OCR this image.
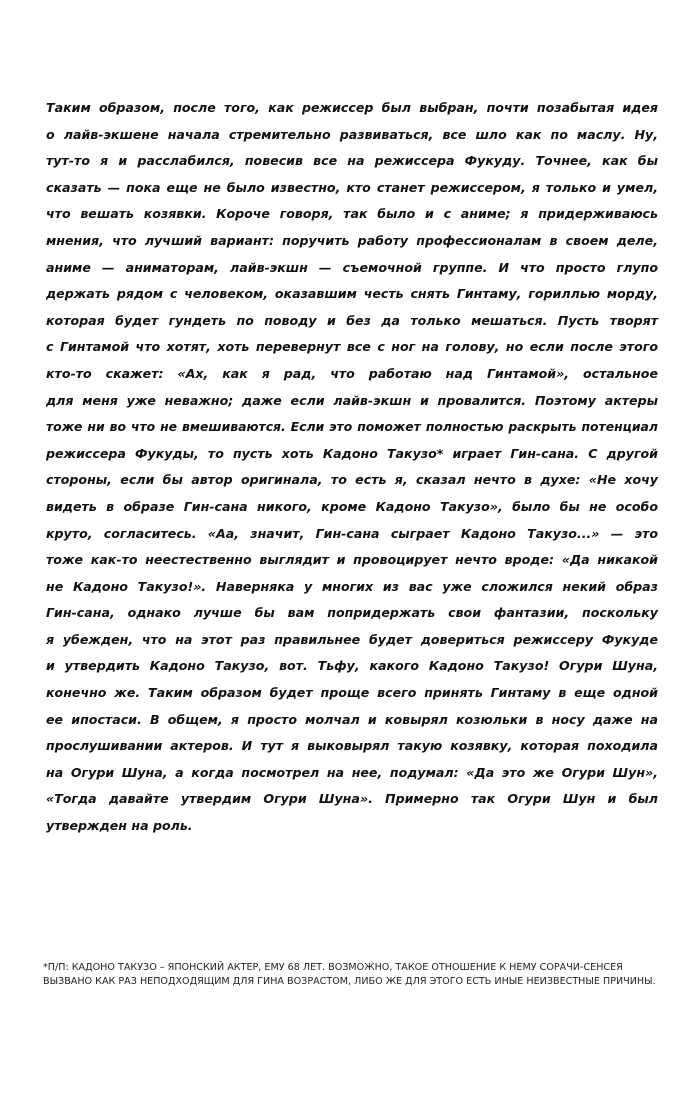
Таким образом, после того, как режиссер был выбран, почти позабытая идея
о лайв-экшене начала стремительно развиваться, все шло как по маслу. Ну,
тут-то я и расслабился, повесив все на режиссера Фукуду. Точнее, как бы
сказать — пока еще не было известно, кто станет режиссером, я только и умел,
что вешать козявки. Короче говоря, так было и с аниме; я придерживаюсь
мнения, что лучший вариант: поручить работу профессионалам в своем деле,
аниме — аниматорам, лайв-экшн — съемочной группе. И что просто глупо
держать рядом с человеком, оказавшим честь снять Гинтаму, гориллью морду,
которая будет гундеть по поводу и без да только мешаться. Пусть творят
с Гинтамой что хотят, хоть перевернут все с ног на голову, но если после этого
кто-то скажет: «Ах, как я рад, что работаю над Гинтамой», остальное
для меня уже неважно; даже если лайв-экшн и провалится. Поэтому актеры
тоже ни во что не вмешиваются. Если это поможет полностью раскрыть потенциал
режиссера Фукуды, то пусть хоть Кадоно Такузо* играет Гин-сана. С другой
стороны, если бы автор оригинала, то есть я, сказал нечто в духе: «Не хочу
видеть в образе Гин-сана никого, кроме Кадоно Такузо», было бы не особо
круто, согласитесь. «Аа, значит, Гин-сана сыграет Кадоно Такузо...» — это
тоже как-то неестественно выглядит и провоцирует нечто вроде: «Да никакой
не Кадоно Такузо!». Наверняка у многих из вас уже сложился некий образ
Гин-сана, однако лучше бы вам попридержать свои фантазии, поскольку
я убежден, что на этот раз правильнее будет довериться режиссеру Фукуде
и утвердить Кадоно Такузо, вот. Тьфу, какого Кадоно Такузо! Огури Шуна,
конечно же. Таким образом будет проще всего принять Гинтаму в еще одной
ее ипостаси. В общем, я просто молчал и ковырял козюльки в носу даже на
прослушивании актеров. И тут я выковырял такую козявку, которая походила
на Огури Шуна, а когда посмотрел на нее, подумал: «Да это же Огури Шун»,
«Тогда давайте утвердим Огури Шуна». Примерно так Огури Шун и был
утвержден на роль.
*П/П: КАДОНО ТАКУЗО – ЯПОНСКИЙ АКТЕР, ЕМУ 68 ЛЕТ. ВОЗМОЖНО, ТАКОЕ ОТНОШЕНИЕ К НЕМУ СОРАЧИ-СЕНСЕЯ
ВЫЗВАНО КАК РАЗ НЕПОДХОДЯЩИМ ДЛЯ ГИНА ВОЗРАСТОМ, ЛИБО ЖЕ ДЛЯ ЭТОГО ЕСТЬ ИНЫЕ НЕИЗВЕСТНЫЕ ПРИЧИНЫ.
